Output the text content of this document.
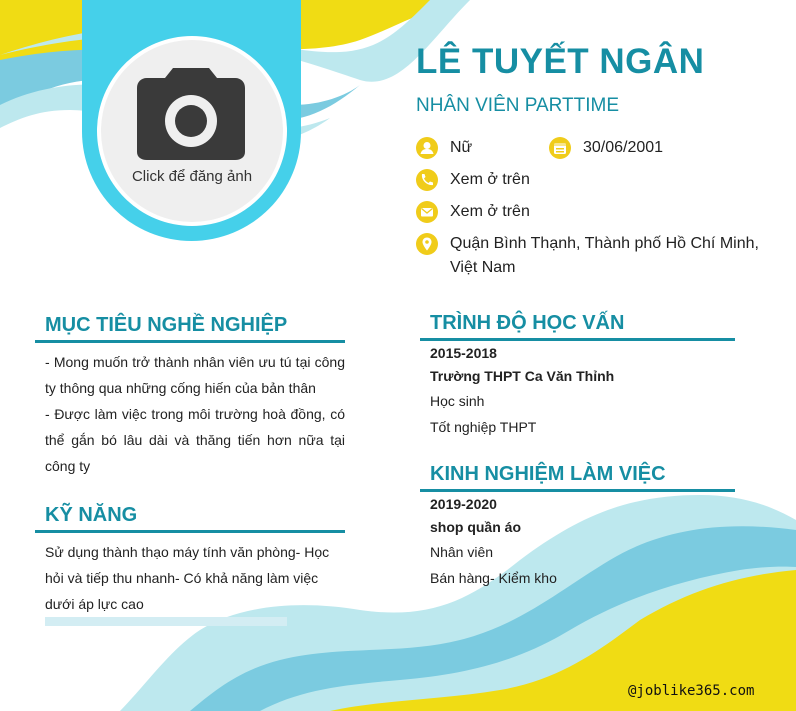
Click để đăng ảnh
LÊ TUYẾT NGÂN
NHÂN VIÊN PARTTIME
Nữ	30/06/2001
Xem ở trên
Xem ở trên
Quận Bình Thạnh, Thành phố Hồ Chí Minh,
Việt Nam
MỤC TIÊU NGHỀ NGHIỆP
- Mong muốn trở thành nhân viên ưu tú tại công ty thông qua những cống hiến của bản thân
- Được làm việc trong môi trường hoà đồng, có thể gắn bó lâu dài và thăng tiến hơn nữa tại công ty
KỸ NĂNG
Sử dụng thành thạo máy tính văn phòng- Học hỏi và tiếp thu nhanh- Có khả năng làm việc dưới áp lực cao
TRÌNH ĐỘ HỌC VẤN
2015-2018
Trường THPT Ca Văn Thỉnh
Học sinh
Tốt nghiệp THPT
KINH NGHIỆM LÀM VIỆC
2019-2020
shop quần áo
Nhân viên
Bán hàng- Kiểm kho
@joblike365.com
